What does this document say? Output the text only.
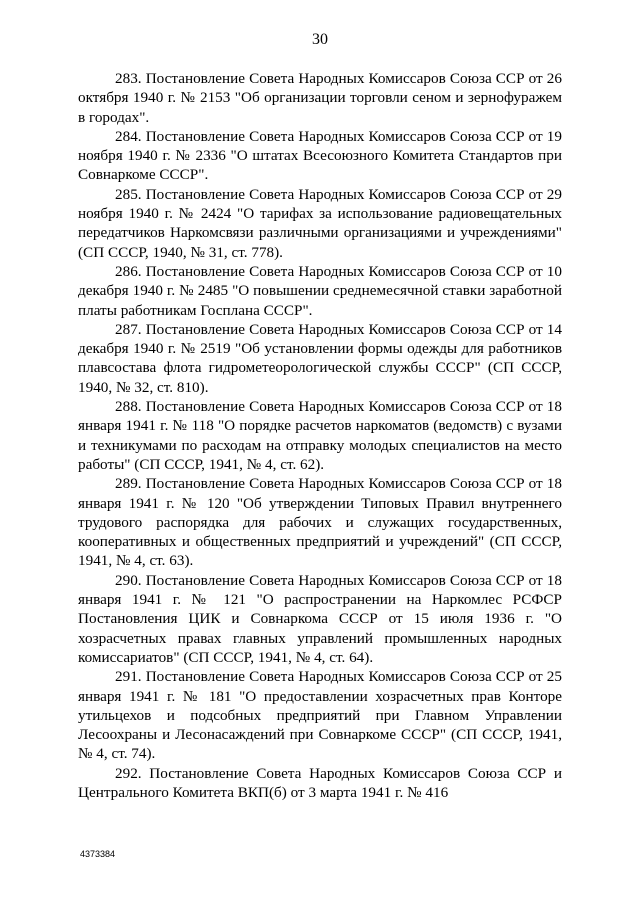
30

283. Постановление Совета Народных Комиссаров Союза ССР от 26 октября 1940 г. № 2153 "Об организации торговли сеном и зернофуражем в городах".

284. Постановление Совета Народных Комиссаров Союза ССР от 19 ноября 1940 г. № 2336 "О штатах Всесоюзного Комитета Стандартов при Совнаркоме СССР".

285. Постановление Совета Народных Комиссаров Союза ССР от 29 ноября 1940 г. № 2424 "О тарифах за использование радиовещательных передатчиков Наркомсвязи различными организациями и учреждениями" (СП СССР, 1940, № 31, ст. 778).

286. Постановление Совета Народных Комиссаров Союза ССР от 10 декабря 1940 г. № 2485 "О повышении среднемесячной ставки заработной платы работникам Госплана СССР".

287. Постановление Совета Народных Комиссаров Союза ССР от 14 декабря 1940 г. № 2519 "Об установлении формы одежды для работников плавсостава флота гидрометеорологической службы СССР" (СП СССР, 1940, № 32, ст. 810).

288. Постановление Совета Народных Комиссаров Союза ССР от 18 января 1941 г. № 118 "О порядке расчетов наркоматов (ведомств) с вузами и техникумами по расходам на отправку молодых специалистов на место работы" (СП СССР, 1941, № 4, ст. 62).

289. Постановление Совета Народных Комиссаров Союза ССР от 18 января 1941 г. № 120 "Об утверждении Типовых Правил внутреннего трудового распорядка для рабочих и служащих государственных, кооперативных и общественных предприятий и учреждений" (СП СССР, 1941, № 4, ст. 63).

290. Постановление Совета Народных Комиссаров Союза ССР от 18 января 1941 г. № 121 "О распространении на Наркомлес РСФСР Постановления ЦИК и Совнаркома СССР от 15 июля 1936 г. "О хозрасчетных правах главных управлений промышленных народных комиссариатов" (СП СССР, 1941, № 4, ст. 64).

291. Постановление Совета Народных Комиссаров Союза ССР от 25 января 1941 г. № 181 "О предоставлении хозрасчетных прав Конторе утильцехов и подсобных предприятий при Главном Управлении Лесоохраны и Лесонасаждений при Совнаркоме СССР" (СП СССР, 1941, № 4, ст. 74).

292. Постановление Совета Народных Комиссаров Союза ССР и Центрального Комитета ВКП(б) от 3 марта 1941 г. № 416

4373384
